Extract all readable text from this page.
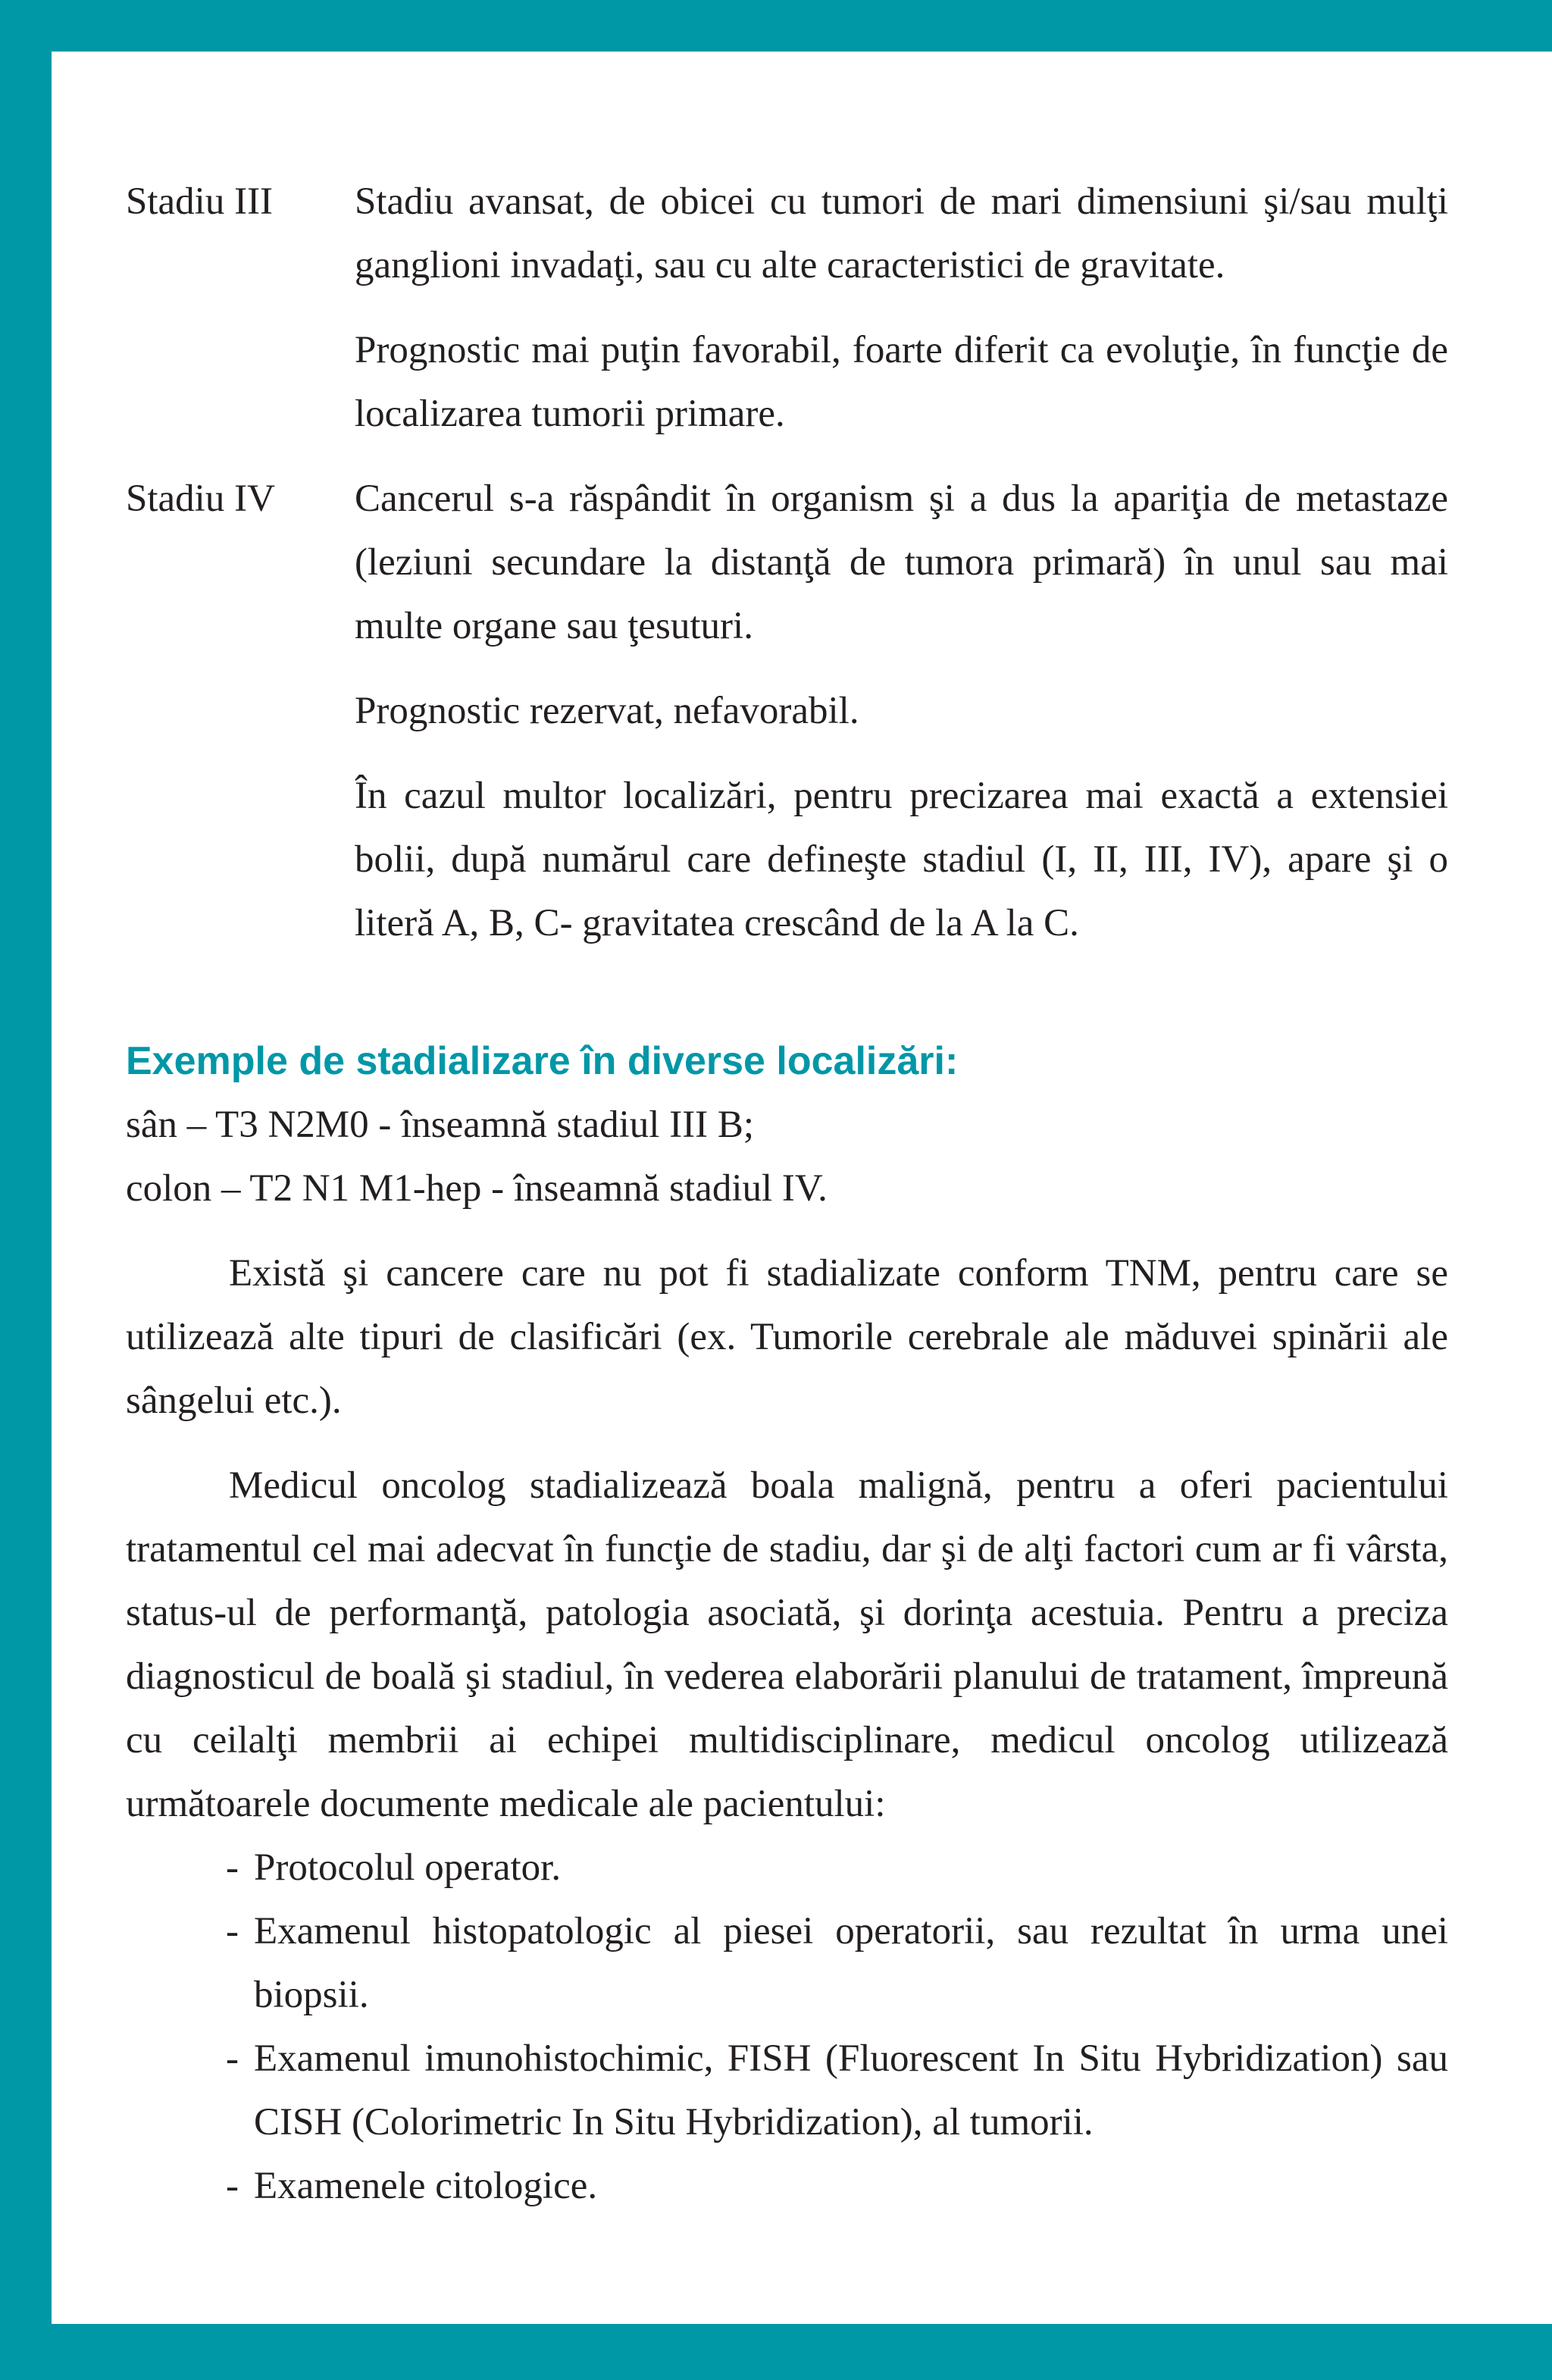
Stadiu III	Stadiu avansat, de obicei cu tumori de mari dimensiuni şi/sau mulţi ganglioni invadaţi, sau cu alte caracteristici de gravitate.

Prognostic mai puţin favorabil, foarte diferit ca evoluţie, în funcţie de localizarea tumorii primare.

Stadiu IV	Cancerul s-a răspândit în organism şi a dus la apariţia de metastaze (leziuni secundare la distanţă de tumora primară) în unul sau mai multe organe sau ţesuturi.

Prognostic rezervat, nefavorabil.

În cazul multor localizări, pentru precizarea mai exactă a extensiei bolii, după numărul care defineşte stadiul (I, II, III, IV), apare şi o literă A, B, C- gravitatea crescând de la A la C.

Exemple de stadializare în diverse localizări:

sân – T3 N2M0 - înseamnă stadiul III B;

colon – T2 N1 M1-hep - înseamnă stadiul IV.

Există şi cancere care nu pot fi stadializate conform TNM, pentru care se utilizează alte tipuri de clasificări (ex. Tumorile cerebrale ale măduvei spinării ale sângelui etc.).

Medicul oncolog stadializează boala malignă, pentru a oferi pacientului tratamentul cel mai adecvat în funcţie de stadiu, dar şi de alţi factori cum ar fi vârsta, status-ul de performanţă, patologia asociată, şi dorinţa acestuia. Pentru a preciza diagnosticul de boală şi stadiul, în vederea elaborării planului de tratament, împreună cu ceilalţi membrii ai echipei multidisciplinare, medicul oncolog utilizează următoarele documente medicale ale pacientului:

- Protocolul operator.
- Examenul histopatologic al piesei operatorii, sau rezultat în urma unei biopsii.
- Examenul imunohistochimic, FISH (Fluorescent In Situ Hybridization) sau CISH (Colorimetric In Situ Hybridization), al tumorii.
- Examenele citologice.
